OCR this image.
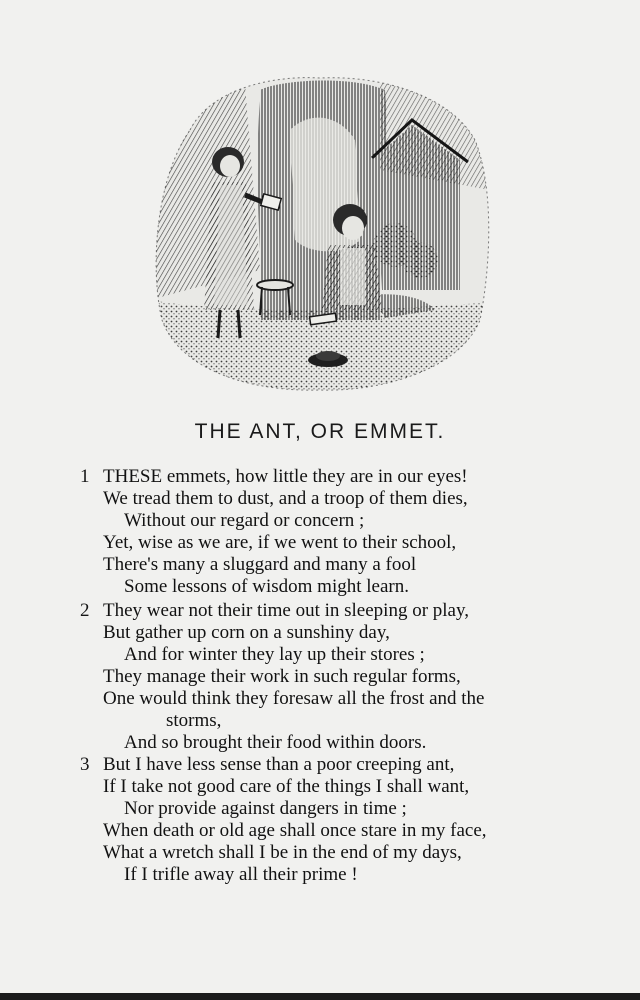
THE ANT, OR EMMET.
1 THESE emmets, how little they are in our eyes!
We tread them to dust, and a troop of them dies,
Without our regard or concern ;
Yet, wise as we are, if we went to their school,
There's many a sluggard and many a fool
Some lessons of wisdom might learn.
2 They wear not their time out in sleeping or play,
But gather up corn on a sunshiny day,
And for winter they lay up their stores ;
They manage their work in such regular forms,
One would think they foresaw all the frost and the
storms,
And so brought their food within doors.
3 But I have less sense than a poor creeping ant,
If I take not good care of the things I shall want,
Nor provide against dangers in time ;
When death or old age shall once stare in my face,
What a wretch shall I be in the end of my days,
If I trifle away all their prime !
